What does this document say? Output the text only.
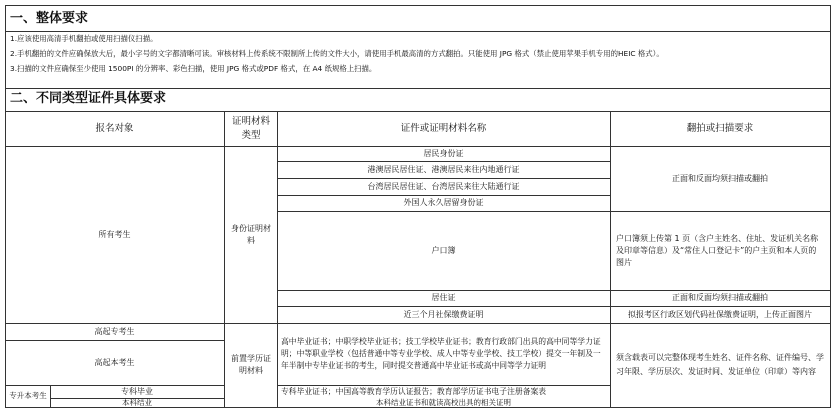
一、整体要求
1.应该使用高清手机翻拍或使用扫描仪扫描。
2.手机翻拍的文件应确保放大后，最小字号的文字都清晰可读。审核材料上传系统不限制所上传的文件大小，请使用手机最高清的方式翻拍。只能使用 JPG 格式（禁止使用苹果手机专用的HEIC 格式）。
3.扫描的文件应确保至少使用 1500PI 的分辨率、彩色扫描，使用 JPG 格式或PDF 格式，在 A4 纸规格上扫描。
二、不同类型证件具体要求
报名对象
证明材料类型
证件或证明材料名称	翻拍或扫描要求
所有考生
身份证明材料
居民身份证
港澳居民居住证、港澳居民来往内地通行证
台湾居民居住证、台湾居民来往大陆通行证
外国人永久居留身份证
户口簿
居住证
近三个月社保缴费证明
正面和反面均须扫描或翻拍
户口簿须上传第 1 页（含户主姓名、住址、发证机关名称及印章等信息）及“常住人口登记卡”的户主页和本人页的图片
正面和反面均须扫描或翻拍
拟报考区行政区划代码社保缴费证明，上传正面图片
高起专考生
高起本考生
专升本考生	专科毕业
本科结业
前置学历证明材料
高中毕业证书；中职学校毕业证书；技工学校毕业证书；教育行政部门出具的高中同等学力证明；中等职业学校（包括普通中等专业学校、成人中等专业学校、技工学校）提交一年制及一年半制中专毕业证书的考生，同时提交普通高中毕业证书或高中同等学力证明
专科毕业证书；中国高等教育学历认证报告；教育部学历证书电子注册备案表
本科结业证书和就读高校出具的相关证明
须含载表可以完整体现考生姓名、证件名称、证件编号、学习年限、学历层次、发证时间、发证单位（印章）等内容
